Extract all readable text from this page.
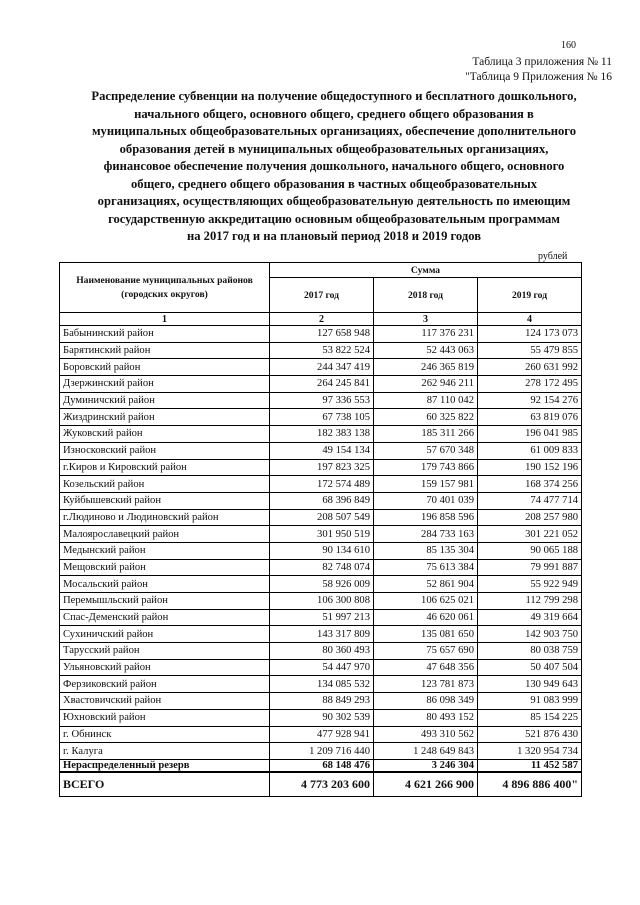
160
Таблица 3 приложения № 11
"Таблица 9 Приложения № 16
Распределение субвенции на получение общедоступного и бесплатного дошкольного,
начального общего, основного общего, среднего общего образования в
муниципальных общеобразовательных организациях, обеспечение дополнительного
образования детей в муниципальных общеобразовательных организациях,
финансовое обеспечение получения дошкольного, начального общего, основного
общего, среднего общего образования в частных общеобразовательных
организациях, осуществляющих общеобразовательную деятельность по имеющим
государственную аккредитацию основным общеобразовательным программам
на 2017 год и на плановый период 2018 и 2019 годов
рублей
Наименование муниципальных районов (городских округов)	Сумма		
	2017 год	2018 год	2019 год
1	2	3	4
Бабынинский район	127 658 948	117 376 231	124 173 073
Барятинский район	53 822 524	52 443 063	55 479 855
Боровский район	244 347 419	246 365 819	260 631 992
Дзержинский район	264 245 841	262 946 211	278 172 495
Думиничский район	97 336 553	87 110 042	92 154 276
Жиздринский район	67 738 105	60 325 822	63 819 076
Жуковский район	182 383 138	185 311 266	196 041 985
Износковский район	49 154 134	57 670 348	61 009 833
г.Киров и Кировский район	197 823 325	179 743 866	190 152 196
Козельский район	172 574 489	159 157 981	168 374 256
Куйбышевский район	68 396 849	70 401 039	74 477 714
г.Людиново и Людиновский район	208 507 549	196 858 596	208 257 980
Малоярославецкий район	301 950 519	284 733 163	301 221 052
Медынский район	90 134 610	85 135 304	90 065 188
Мещовский район	82 748 074	75 613 384	79 991 887
Мосальский район	58 926 009	52 861 904	55 922 949
Перемышльский район	106 300 808	106 625 021	112 799 298
Спас-Деменский район	51 997 213	46 620 061	49 319 664
Сухиничский район	143 317 809	135 081 650	142 903 750
Тарусский район	80 360 493	75 657 690	80 038 759
Ульяновский район	54 447 970	47 648 356	50 407 504
Ферзиковский район	134 085 532	123 781 873	130 949 643
Хвастовичский район	88 849 293	86 098 349	91 083 999
Юхновский район	90 302 539	80 493 152	85 154 225
г. Обнинск	477 928 941	493 310 562	521 876 430
г. Калуга	1 209 716 440	1 248 649 843	1 320 954 734
Нераспределенный резерв	68 148 476	3 246 304	11 452 587
ВСЕГО	4 773 203 600	4 621 266 900	4 896 886 400"
